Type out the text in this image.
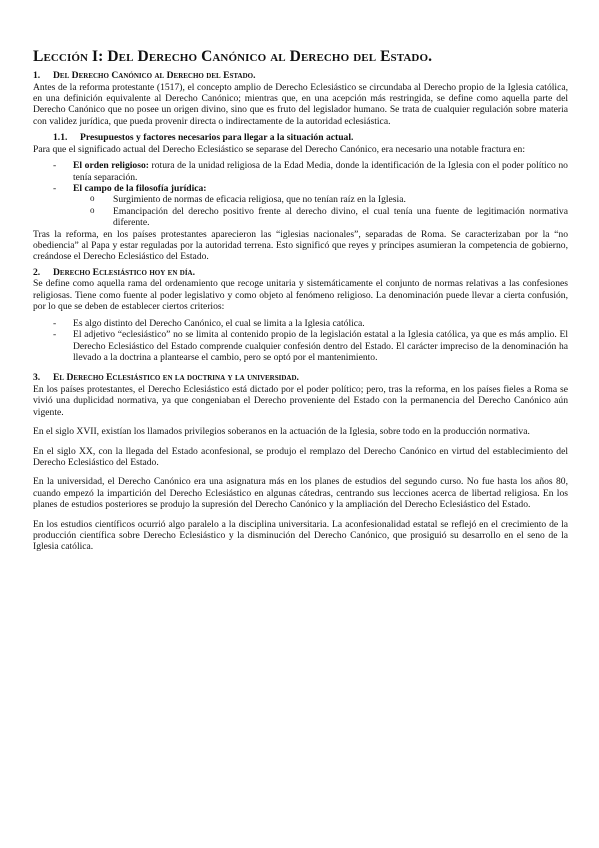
Lección I: Del Derecho Canónico al Derecho del Estado.
1.	Del Derecho Canónico al Derecho del Estado.

Antes de la reforma protestante (1517), el concepto amplio de Derecho Eclesiástico se circundaba al Derecho propio de la Iglesia católica, en una definición equivalente al Derecho Canónico; mientras que, en una acepción más restringida, se define como aquella parte del Derecho Canónico que no posee un origen divino, sino que es fruto del legislador humano. Se trata de cualquier regulación sobre materia con validez jurídica, que pueda provenir directa o indirectamente de la autoridad eclesiástica.

1.1.	Presupuestos y factores necesarios para llegar a la situación actual.

Para que el significado actual del Derecho Eclesiástico se separase del Derecho Canónico, era necesario una notable fractura en:

- El orden religioso: rotura de la unidad religiosa de la Edad Media, donde la identificación de la Iglesia con el poder político no tenía separación.
- El campo de la filosofía jurídica:
o Surgimiento de normas de eficacia religiosa, que no tenían raíz en la Iglesia.
o Emancipación del derecho positivo frente al derecho divino, el cual tenía una fuente de legitimación normativa diferente.

Tras la reforma, en los países protestantes aparecieron las “iglesias nacionales”, separadas de Roma. Se caracterizaban por la “no obediencia” al Papa y estar reguladas por la autoridad terrena. Esto significó que reyes y príncipes asumieran la competencia de gobierno, creándose el Derecho Eclesiástico del Estado.

2.	Derecho Eclesiástico hoy en día.

Se define como aquella rama del ordenamiento que recoge unitaria y sistemáticamente el conjunto de normas relativas a las confesiones religiosas. Tiene como fuente al poder legislativo y como objeto al fenómeno religioso. La denominación puede llevar a cierta confusión, por lo que se deben de establecer ciertos criterios:

- Es algo distinto del Derecho Canónico, el cual se limita a la Iglesia católica.
- El adjetivo “eclesiástico” no se limita al contenido propio de la legislación estatal a la Iglesia católica, ya que es más amplio. El Derecho Eclesiástico del Estado comprende cualquier confesión dentro del Estado. El carácter impreciso de la denominación ha llevado a la doctrina a plantearse el cambio, pero se optó por el mantenimiento.
3.	El Derecho Eclesiástico en la doctrina y la universidad.

En los países protestantes, el Derecho Eclesiástico está dictado por el poder político; pero, tras la reforma, en los países fieles a Roma se vivió una duplicidad normativa, ya que congeniaban el Derecho proveniente del Estado con la permanencia del Derecho Canónico aún vigente.

En el siglo XVII, existían los llamados privilegios soberanos en la actuación de la Iglesia, sobre todo en la producción normativa.

En el siglo XX, con la llegada del Estado aconfesional, se produjo el remplazo del Derecho Canónico en virtud del establecimiento del Derecho Eclesiástico del Estado.

En la universidad, el Derecho Canónico era una asignatura más en los planes de estudios del segundo curso. No fue hasta los años 80, cuando empezó la impartición del Derecho Eclesiástico en algunas cátedras, centrando sus lecciones acerca de libertad religiosa. En los planes de estudios posteriores se produjo la supresión del Derecho Canónico y la ampliación del Derecho Eclesiástico del Estado.

En los estudios científicos ocurrió algo paralelo a la disciplina universitaria. La aconfesionalidad estatal se reflejó en el crecimiento de la producción científica sobre Derecho Eclesiástico y la disminución del Derecho Canónico, que prosiguió su desarrollo en el seno de la Iglesia católica.
